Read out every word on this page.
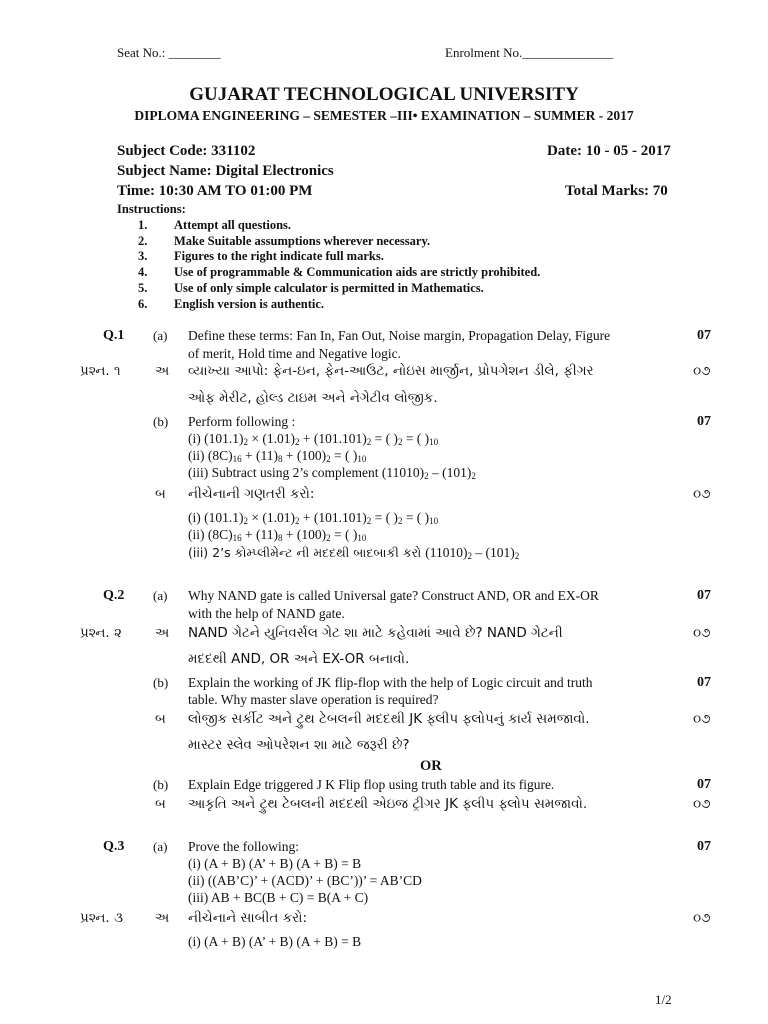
Seat No.: ________	Enrolment No.______________
GUJARAT TECHNOLOGICAL UNIVERSITY
DIPLOMA ENGINEERING – SEMESTER –III• EXAMINATION – SUMMER - 2017
Subject Code: 331102	Date: 10 - 05 - 2017
Subject Name: Digital Electronics
Time: 10:30 AM TO 01:00 PM	Total Marks: 70
Instructions:
1. Attempt all questions.
2. Make Suitable assumptions wherever necessary.
3. Figures to the right indicate full marks.
4. Use of programmable & Communication aids are strictly prohibited.
5. Use of only simple calculator is permitted in Mathematics.
6. English version is authentic.
Q.1 (a) Define these terms: Fan In, Fan Out, Noise margin, Propagation Delay, Figure	07
of merit, Hold time and Negative logic.
પ્રશ્ન. ૧	અ વ્યાખ્યા આપો: ફેન-ઇન, ફેન-આઉટ, નોઇસ માર્જીન, પ્રોપગેશન ડીલે, ફીગર	૦૭
ઓફ મેરીટ, હોલ્ડ ટાઇમ અને નેગેટીવ લોજીક.
(b) Perform following :	07
(i) $(101.1)_2 \times (1.01)_2 + (101.101)_2$ = ( )$_2$ = ( )$_{10}$
(ii) $(8C)_{16} + (11)_8 + (100)_2$ = ( )$_{10}$
(iii) Subtract using 2’s complement $(11010)_2 - (101)_2$
બ નીચેનાની ગણતરી કરો:	૦૭
(i) $(101.1)_2 \times (1.01)_2 + (101.101)_2$ = ( )$_2$ = ( )$_{10}$
(ii) $(8C)_{16} + (11)_8 + (100)_2$ = ( )$_{10}$
(iii) 2’s કોમ્પ્લીમેન્ટ ની મદદથી બાદબાકી કરો $(11010)_2 - (101)_2$
Q.2 (a) Why NAND gate is called Universal gate? Construct AND, OR and EX-OR	07
with the help of NAND gate.
પ્રશ્ન. ૨ અ NAND ગેટને યુનિવર્સલ ગેટ શા માટે કહેવામાં આવે છે? NAND ગેટની	૦૭
મદદથી AND, OR અને EX-OR બનાવો.
(b) Explain the working of JK flip-flop with the help of Logic circuit and truth	07
table. Why master slave operation is required?
બ લોજીક સર્કીટ અને ટ્રુથ ટેબલની મદદથી JK ફ્લીપ ફ્લોપનું કાર્ય સમજાવો.	૦૭
માસ્ટર સ્લેવ ઓપરેશન શા માટે જરૂરી છે?
OR
(b) Explain Edge triggered J K Flip flop using truth table and its figure.	07
બ આકૃતિ અને ટ્રુથ ટેબલની મદદથી એઇજ ટ્રીગર JK ફ્લીપ ફ્લોપ સમજાવો.	૦૭
Q.3 (a) Prove the following:	07
(i) (A + B) (A’ + B) (A + B) = B
(ii) ((AB’C)’ + (ACD)’ + (BC’))’ = AB’CD
(iii) AB + BC(B + C) = B(A + C)
પ્રશ્ન. ૩ અ નીચેનાને સાબીત કરો:	૦૭
(i) (A + B) (A’ + B) (A + B) = B
1/2
